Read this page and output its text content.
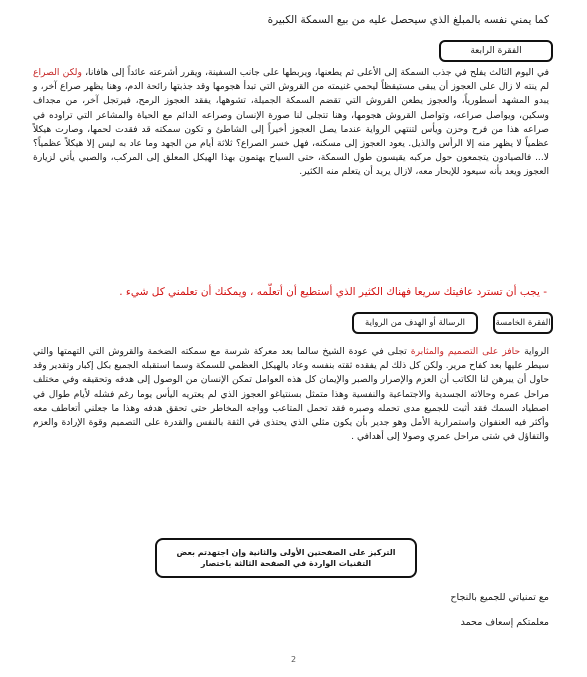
كما يمني نفسه بالمبلغ الذي سيحصل عليه من بيع السمكة الكبيرة
الفقرة الرابعة
في اليوم الثالث يفلح في جذب السمكة إلى الأعلى ثم يطعنها، ويربطها على جانب السفينة، ويقرر أشرعته عائداً إلى هافانا، ولكن الصراع لم ينته لا زال على العجوز أن يبقى مستيقظاً ليحمي غنيمته من القروش التي تبدأ هجومها وقد جذبتها رائحة الدم، وهنا يظهر صراع آخر، و يبدو المشهد أسطورياً، والعجوز يطعن القروش التي تقضم السمكة الجميلة، تشوهها، يفقد العجوز الرمح، فيرتجل آخر، من مجداف وسكين، ويواصل صراعه، وتواصل القروش هجومها، وهنا تتجلى لنا صورة الإنسان وصراعه الدائم مع الحياة والمشاعر التي تراوده في صراعه هذا من فرح وحزن ويأس لتنتهي الرواية عندما يصل العجوز أخيراً إلى الشاطئ و تكون سمكته قد فقدت لحمها، وصارت هيكلاً عظمياً لا يظهر منه إلا الرأس والذيل. يعود العجوز إلى مسكنه، فهل خسر الصراع؟ ثلاثة أيام من الجهد وما عاد به ليس إلا هيكلاً عظمياً؟ لا... فالصيادون يتجمعون حول مركبه يقيسون طول السمكة، حتى السياح يهتمون بهذا الهيكل المعلق إلى المركب، والصبي يأتي لزيارة العجوز ويعد بأنه سيعود للإبحار معه، لازال يريد أن يتعلم منه الكثير.
- يجب أن تسترد عافيتك سريعا فهناك الكثير الذي أستطيع أن أتعلّمه ، ويمكنك أن تعلمني كل شيء .
الفقرة الخامسة
الرسالة أو الهدف من الرواية
الرواية حافز على التصميم والمثابرة تجلى في عودة الشيخ سالما بعد معركة شرسة مع سمكته الضخمة والقروش التي التهمتها والتي سيطر عليها بعد كفاح مرير. ولكن كل ذلك لم يفقده ثقته بنفسه وعاد بالهيكل العظمي للسمكة وسما استقبله الجميع بكل إكبار وتقدير وقد حاول أن يبرهن لنا الكاتب أن العزم والإصرار والصبر والإيمان كل هذه العوامل تمكن الإنسان من الوصول إلى هدفه وتحقيقه وفي مختلف مراحل عمره وحالاته الجسدية والاجتماعية والنفسية وهذا متمثل بسنتياغو العجوز الذي لم يعتريه اليأس يوما رغم فشله لأيام طوال في اصطياد السمك فقد أثبت للجميع مدى تحمله وصبره فقد تحمل المتاعب وواجه المخاطر حتى تحقق هدفه وهذا ما جعلني أتعاطف معه وأكثر فيه العنفوان واستمرارية الأمل وهو جدير بأن يكون مثلي الذي يحتذى في الثقة بالنفس والقدرة على التصميم وقوة الإرادة والعزم والتفاؤل في شتى مراحل عمري وصولا إلى أهدافي .
التركيز على الصفحتين الأولى والثانية وإن اجتهدتم بعض
التقنيات الواردة في الصفحة الثالثة باختصار
مع تمنياتي للجميع بالنجاح
معلمتكم إسعاف محمد
2
